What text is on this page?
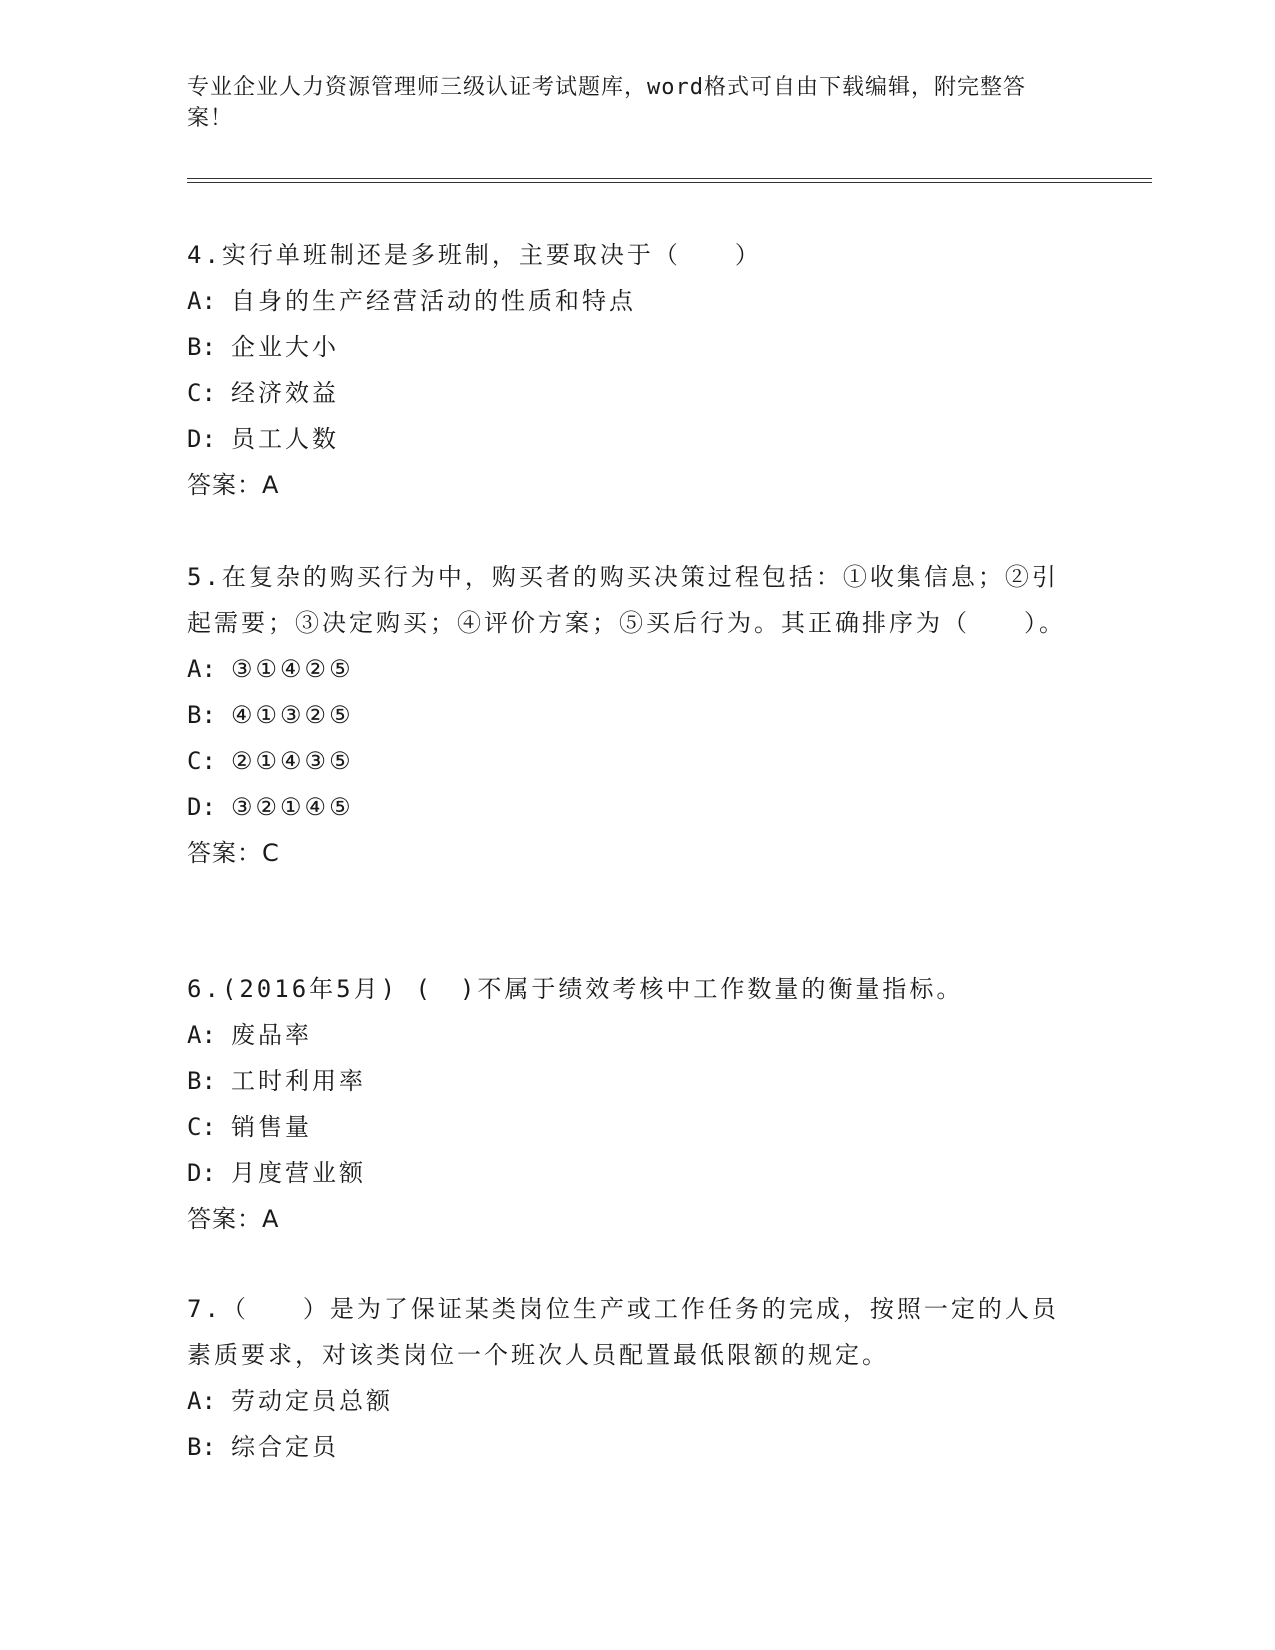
专业企业人力资源管理师三级认证考试题库，word格式可自由下载编辑，附完整答案！
4.实行单班制还是多班制，主要取决于（　　）
A: 自身的生产经营活动的性质和特点
B: 企业大小
C: 经济效益
D: 员工人数
答案：A
5.在复杂的购买行为中，购买者的购买决策过程包括：①收集信息；②引起需要；③决定购买；④评价方案；⑤买后行为。其正确排序为（　　）。
A: ③①④②⑤
B: ④①③②⑤
C: ②①④③⑤
D: ③②①④⑤
答案：C
6.(2016年5月) (　)不属于绩效考核中工作数量的衡量指标。
A: 废品率
B: 工时利用率
C: 销售量
D: 月度营业额
答案：A
7.（　　）是为了保证某类岗位生产或工作任务的完成，按照一定的人员素质要求，对该类岗位一个班次人员配置最低限额的规定。
A: 劳动定员总额
B: 综合定员
